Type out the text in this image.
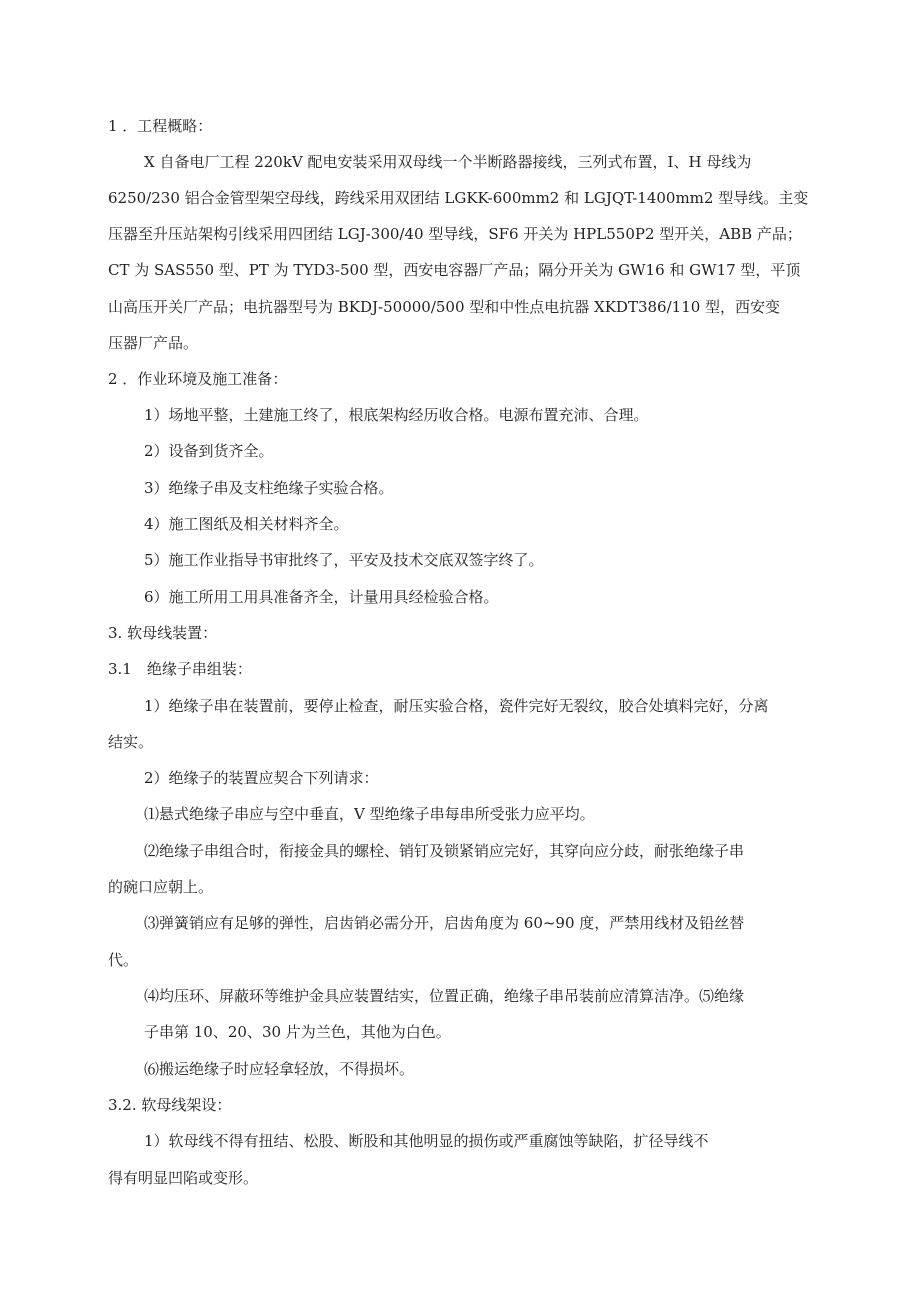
1 ．工程概略：

X 自备电厂工程 220kV 配电安装采用双母线一个半断路器接线，三列式布置，I、H 母线为

6250/230 铝合金管型架空母线，跨线采用双团结 LGKK-600mm2 和 LGJQT-1400mm2 型导线。主变

压器至升压站架构引线采用四团结 LGJ-300/40 型导线，SF6 开关为 HPL550P2 型开关，ABB 产品；

CT 为 SAS550 型、PT 为 TYD3-500 型，西安电容器厂产品；隔分开关为 GW16 和 GW17 型，平顶

山高压开关厂产品；电抗器型号为 BKDJ-50000/500 型和中性点电抗器 XKDT386/110 型，西安变

压器厂产品。

2 ．作业环境及施工准备：

1）场地平整，土建施工终了，根底架构经历收合格。电源布置充沛、合理。

2）设备到货齐全。

3）绝缘子串及支柱绝缘子实验合格。

4）施工图纸及相关材料齐全。

5）施工作业指导书审批终了，平安及技术交底双签字终了。

6）施工所用工用具准备齐全，计量用具经检验合格。

3. 软母线装置：

3.1　绝缘子串组装：

1）绝缘子串在装置前，要停止检查，耐压实验合格，瓷件完好无裂纹，胶合处填料完好，分离

结实。

2）绝缘子的装置应契合下列请求：

⑴悬式绝缘子串应与空中垂直，V 型绝缘子串每串所受张力应平均。

⑵绝缘子串组合时，衔接金具的螺栓、销钉及锁紧销应完好，其穿向应分歧，耐张绝缘子串

的碗口应朝上。

⑶弹簧销应有足够的弹性，启齿销必需分开，启齿角度为 60~90 度，严禁用线材及铅丝替

代。

⑷均压环、屏蔽环等维护金具应装置结实，位置正确，绝缘子串吊装前应清算洁净。⑸绝缘

子串第 10、20、30 片为兰色，其他为白色。

⑹搬运绝缘子时应轻拿轻放，不得损坏。

3.2. 软母线架设：

1）软母线不得有扭结、松股、断股和其他明显的损伤或严重腐蚀等缺陷，扩径导线不

得有明显凹陷或变形。
